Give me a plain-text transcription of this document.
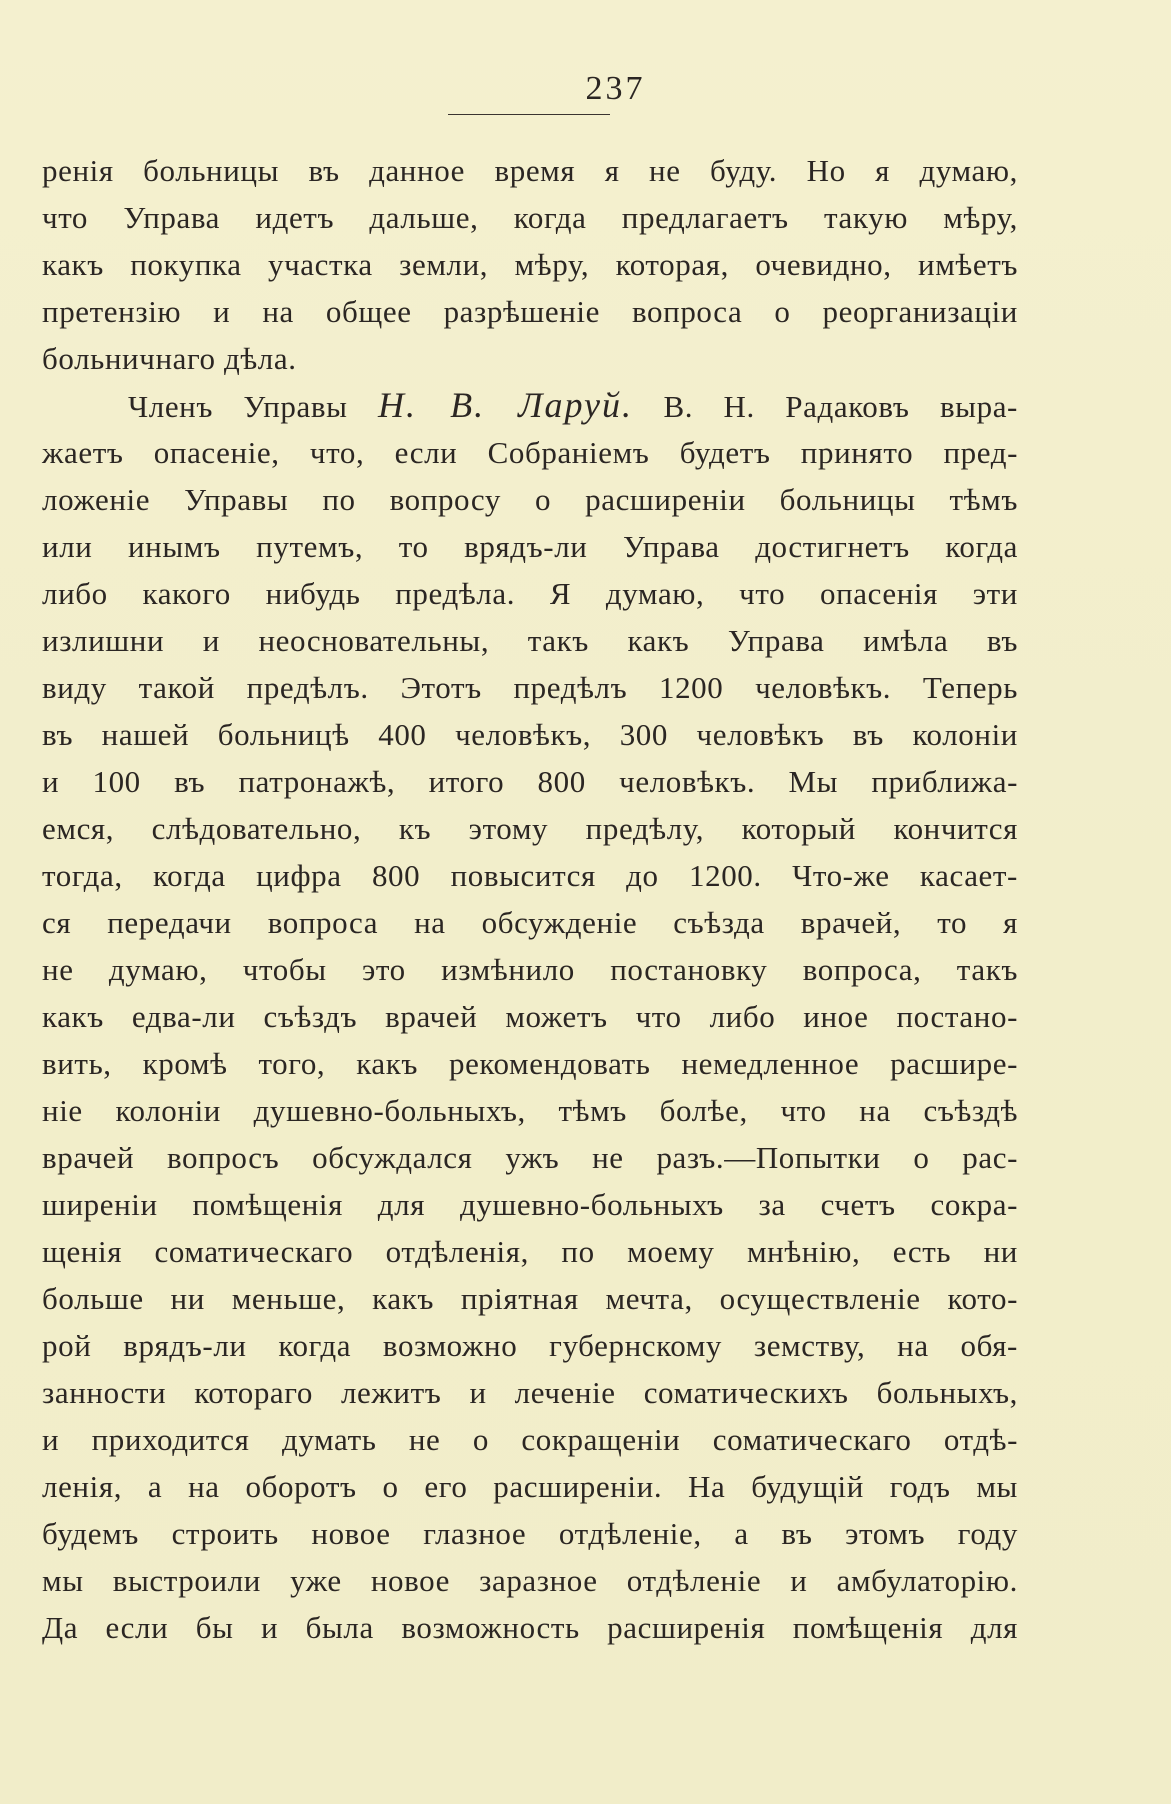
237
ренія больницы въ данное время я не буду. Но я думаю,
что Управа идетъ дальше, когда предлагаетъ такую мѣру,
какъ покупка участка земли, мѣру, которая, очевидно, имѣетъ
претензію и на общее разрѣшеніе вопроса о реорганизаціи
больничнаго дѣла.
Членъ Управы Н. В. Ларуй. В. Н. Радаковъ выра-
жаетъ опасеніе, что, если Собраніемъ будетъ принято пред-
ложеніе Управы по вопросу о расширеніи больницы тѣмъ
или инымъ путемъ, то врядъ-ли Управа достигнетъ когда
либо какого нибудь предѣла. Я думаю, что опасенія эти
излишни и неосновательны, такъ какъ Управа имѣла въ
виду такой предѣлъ. Этотъ предѣлъ 1200 человѣкъ. Теперь
въ нашей больницѣ 400 человѣкъ, 300 человѣкъ въ колоніи
и 100 въ патронажѣ, итого 800 человѣкъ. Мы приближа-
емся, слѣдовательно, къ этому предѣлу, который кончится
тогда, когда цифра 800 повысится до 1200. Что-же касает-
ся передачи вопроса на обсужденіе съѣзда врачей, то я
не думаю, чтобы это измѣнило постановку вопроса, такъ
какъ едва-ли съѣздъ врачей можетъ что либо иное постано-
вить, кромѣ того, какъ рекомендовать немедленное расшире-
ніе колоніи душевно-больныхъ, тѣмъ болѣе, что на съѣздѣ
врачей вопросъ обсуждался ужъ не разъ.—Попытки о рас-
ширеніи помѣщенія для душевно-больныхъ за счетъ сокра-
щенія соматическаго отдѣленія, по моему мнѣнію, есть ни
больше ни меньше, какъ пріятная мечта, осуществленіе кото-
рой врядъ-ли когда возможно губернскому земству, на обя-
занности котораго лежитъ и леченіе соматическихъ больныхъ,
и приходится думать не о сокращеніи соматическаго отдѣ-
ленія, а на оборотъ о его расширеніи. На будущій годъ мы
будемъ строить новое глазное отдѣленіе, а въ этомъ году
мы выстроили уже новое заразное отдѣленіе и амбулаторію.
Да если бы и была возможность расширенія помѣщенія для
